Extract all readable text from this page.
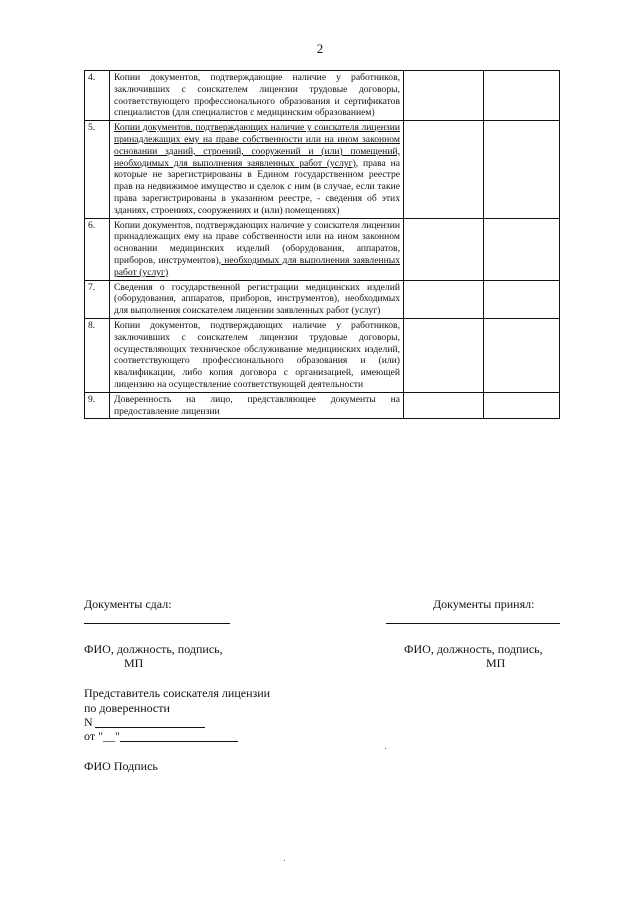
2
4.	Копии документов, подтверждающие наличие у работников, заключивших с соискателем лицензии трудовые договоры, соответствующего профессионального образования и сертификатов специалистов (для специалистов с медицинским образованием)		
5.	Копии документов, подтверждающих наличие у соискателя лицензии принадлежащих ему на праве собственности или на ином законном основании зданий, строений, сооружений и (или) помещений, необходимых для выполнения заявленных работ (услуг), права на которые не зарегистрированы в Едином государственном реестре прав на недвижимое имущество и сделок с ним (в случае, если такие права зарегистрированы в указанном реестре, - сведения об этих зданиях, строениях, сооружениях и (или) помещениях)		
6.	Копии документов, подтверждающих наличие у соискателя лицензии принадлежащих ему на праве собственности или на ином законном основании медицинских изделий (оборудования, аппаратов, приборов, инструментов), необходимых для выполнения заявленных работ (услуг)		
7.	Сведения о государственной регистрации медицинских изделий (оборудования, аппаратов, приборов, инструментов), необходимых для выполнения соискателем лицензии заявленных работ (услуг)		
8.	Копии документов, подтверждающих наличие у работников, заключивших с соискателем лицензии трудовые договоры, осуществляющих техническое обслуживание медицинских изделий, соответствующего профессионального образования и (или) квалификации, либо копия договора с организацией, имеющей лицензию на осуществление соответствующей деятельности		
9.	Доверенность на лицо, представляющее документы на предоставление лицензии		
Документы сдал:	Документы принял:
ФИО, должность, подпись,
МП
ФИО, должность, подпись,
МП
Представитель соискателя лицензии
по доверенности
N
от "__"
ФИО Подпись
